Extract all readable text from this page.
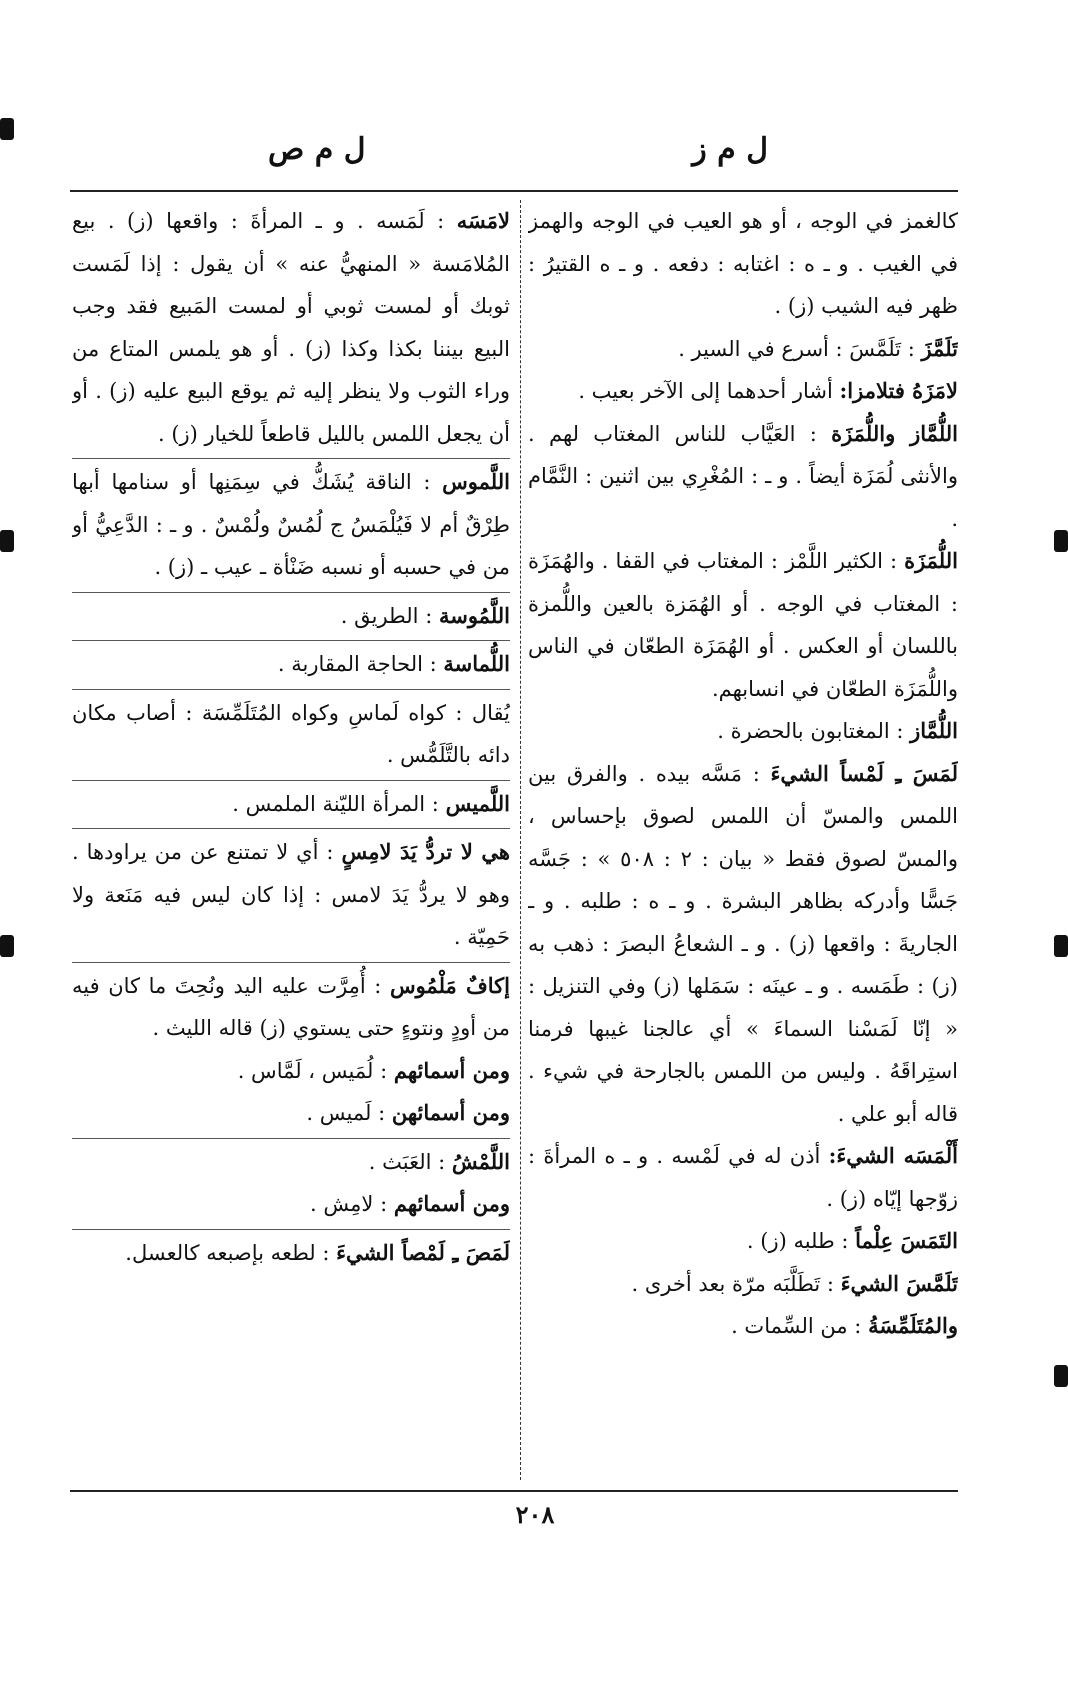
ل م ز
ل م ص

كالغمز في الوجه ، أو هو العيب في الوجه والهمز في الغيب . و ـ ه : اغتابه : دفعه . و ـ ه القتيرُ : ظهر فيه الشيب (ز) .

تَلَمَّزَ : تَلَمَّسَ : أسرع في السير .

لامَزَهُ فتلامزا: أشار أحدهما إلى الآخر بعيب .

اللُّمَّاز واللُّمَزَة : العَيَّاب للناس المغتاب لهم . والأنثى لُمَزَة أيضاً . و ـ : المُغْرِي بين اثنين : النَّمَّام .

اللُّمَزَة : الكثير اللَّمْز : المغتاب في القفا . والهُمَزَة : المغتاب في الوجه . أو الهُمَزة بالعين واللُّمزة باللسان أو العكس . أو الهُمَزَة الطعّان في الناس واللُّمَزَة الطعّان في انسابهم.

اللُّمَّاز : المغتابون بالحضرة .

لَمَسَ ـِ لَمْساً الشيءَ : مَسَّه بيده . والفرق بين اللمس والمسّ أن اللمس لصوق بإحساس ، والمسّ لصوق فقط « بيان : ٢ : ٥٠٨ » : جَسَّه جَسًّا وأدركه بظاهر البشرة . و ـ ه : طلبه . و ـ الجاريةَ : واقعها (ز) . و ـ الشعاعُ البصرَ : ذهب به (ز) : طَمَسه . و ـ عينَه : سَمَلها (ز) وفي التنزيل : « إنّا لَمَسْنا السماءَ » أي عالجنا غيبها فرمنا استِراقَهُ . وليس من اللمس بالجارحة في شيء . قاله أبو علي .

أَلْمَسَه الشيءَ: أذن له في لَمْسه . و ـ ه المرأةَ : زوّجها إيّاه (ز) .

التَمَسَ عِلْماً : طلبه (ز) .

تَلَمَّسَ الشيءَ : تَطَلَّبَه مرّة بعد أخرى .

والمُتَلَمِّسَةُ : من السِّمات .

لامَسَه : لَمَسه . و ـ المرأةَ : واقعها (ز) . بيع المُلامَسة « المنهيُّ عنه » أن يقول : إذا لَمَست ثوبك أو لمست ثوبي أو لمست المَبيع فقد وجب البيع بيننا بكذا وكذا (ز) . أو هو يلمس المتاع من وراء الثوب ولا ينظر إليه ثم يوقع البيع عليه (ز) . أو أن يجعل اللمس بالليل قاطعاً للخيار (ز) .

اللَّموس : الناقة يُشَكُّ في سِمَنِها أو سنامها أبها طِرْقٌ أم لا فَيُلْمَسُ ج لُمُسٌ ولُمْسٌ . و ـ : الدَّعِيُّ أو من في حسبه أو نسبه ضَنْأة ـ عيب ـ (ز) .

اللَّمُوسة : الطريق .

اللُّماسة : الحاجة المقاربة .

يُقال : كواه لَماسِ وكواه المُتَلَمِّسَة : أصاب مكان دائه بالتَّلَمُّس .

اللَّميس : المرأة الليّنة الملمس .

هي لا تردُّ يَدَ لامِسٍ : أي لا تمتنع عن من يراودها . وهو لا يردُّ يَدَ لامس : إذا كان ليس فيه مَنَعة ولا حَمِيّة .

إكافٌ مَلْمُوس : أُمِرَّت عليه اليد ونُحِتَ ما كان فيه من أودٍ ونتوءٍ حتى يستوي (ز) قاله الليث .

ومن أسمائهم : لُمَيس ، لَمَّاس .

ومن أسمائهن : لَميس .

اللَّمْشُ : العَبَث .

ومن أسمائهم : لامِش .

لَمَصَ ـِ لَمْصاً الشيءَ : لطعه بإصبعه كالعسل.

٢٠٨
